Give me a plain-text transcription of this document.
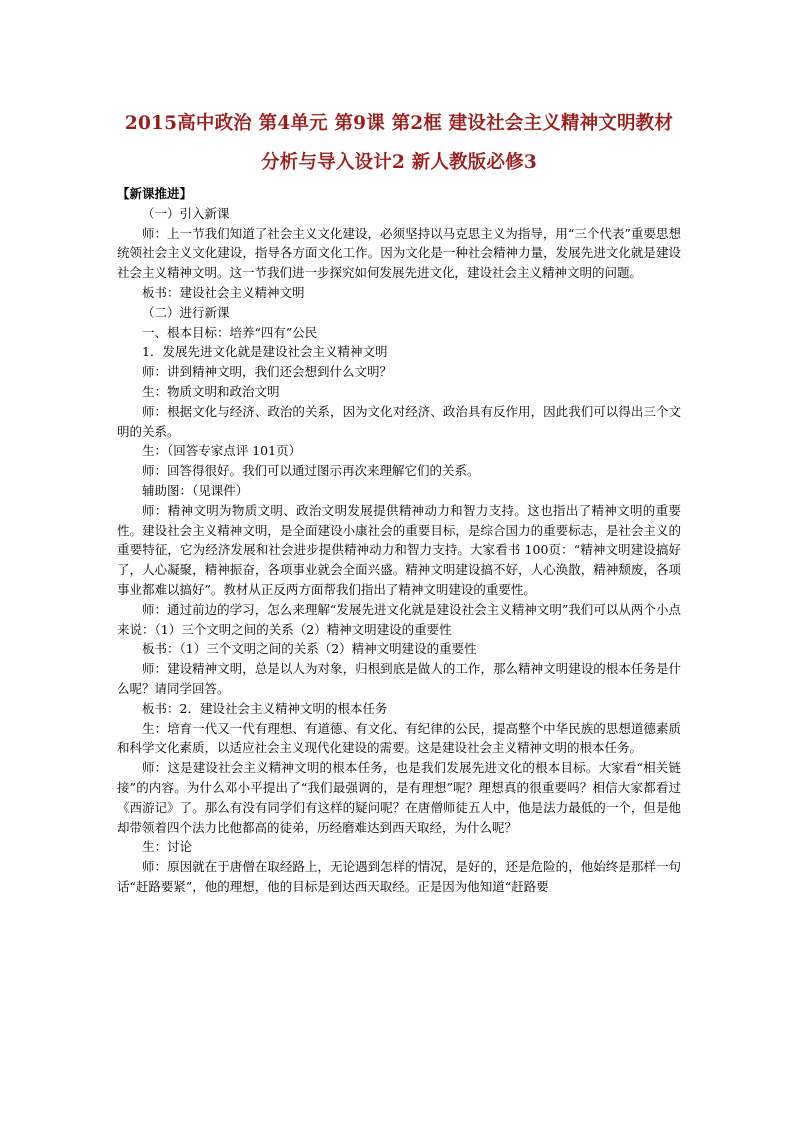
2015高中政治 第4单元 第9课 第2框 建设社会主义精神文明教材
分析与导入设计2 新人教版必修3
【新课推进】

（一）引入新课

师：上一节我们知道了社会主义文化建设，必须坚持以马克思主义为指导，用“三个代表”重要思想统领社会主义文化建设，指导各方面文化工作。因为文化是一种社会精神力量，发展先进文化就是建设社会主义精神文明。这一节我们进一步探究如何发展先进文化，建设社会主义精神文明的问题。

板书：建设社会主义精神文明

（二）进行新课

一、根本目标：培养“四有”公民

1．发展先进文化就是建设社会主义精神文明

师：讲到精神文明，我们还会想到什么文明？

生：物质文明和政治文明

师：根据文化与经济、政治的关系，因为文化对经济、政治具有反作用，因此我们可以得出三个文明的关系。

生：（回答专家点评 101页）

师：回答得很好。我们可以通过图示再次来理解它们的关系。

辅助图：（见课件）

师：精神文明为物质文明、政治文明发展提供精神动力和智力支持。这也指出了精神文明的重要性。建设社会主义精神文明，是全面建设小康社会的重要目标，是综合国力的重要标志，是社会主义的重要特征，它为经济发展和社会进步提供精神动力和智力支持。大家看书 100页：“精神文明建设搞好了，人心凝聚，精神振奋，各项事业就会全面兴盛。精神文明建设搞不好，人心涣散，精神颓废，各项事业都难以搞好”。教材从正反两方面帮我们指出了精神文明建设的重要性。

师：通过前边的学习，怎么来理解“发展先进文化就是建设社会主义精神文明”我们可以从两个小点来说：（1）三个文明之间的关系（2）精神文明建设的重要性

板书：（1）三个文明之间的关系（2）精神文明建设的重要性

师：建设精神文明，总是以人为对象，归根到底是做人的工作，那么精神文明建设的根本任务是什么呢？请同学回答。

板书：2．建设社会主义精神文明的根本任务

生：培育一代又一代有理想、有道德、有文化、有纪律的公民，提高整个中华民族的思想道德素质和科学文化素质，以适应社会主义现代化建设的需要。这是建设社会主义精神文明的根本任务。

师：这是建设社会主义精神文明的根本任务，也是我们发展先进文化的根本目标。大家看“相关链接”的内容。为什么邓小平提出了“我们最强调的，是有理想”呢？理想真的很重要吗？相信大家都看过《西游记》了。那么有没有同学们有这样的疑问呢？在唐僧师徒五人中，他是法力最低的一个，但是他却带领着四个法力比他都高的徒弟，历经磨难达到西天取经，为什么呢？

生：讨论

师：原因就在于唐僧在取经路上，无论遇到怎样的情况，是好的，还是危险的，他始终是那样一句话“赶路要紧”，他的理想，他的目标是到达西天取经。正是因为他知道“赶路要
